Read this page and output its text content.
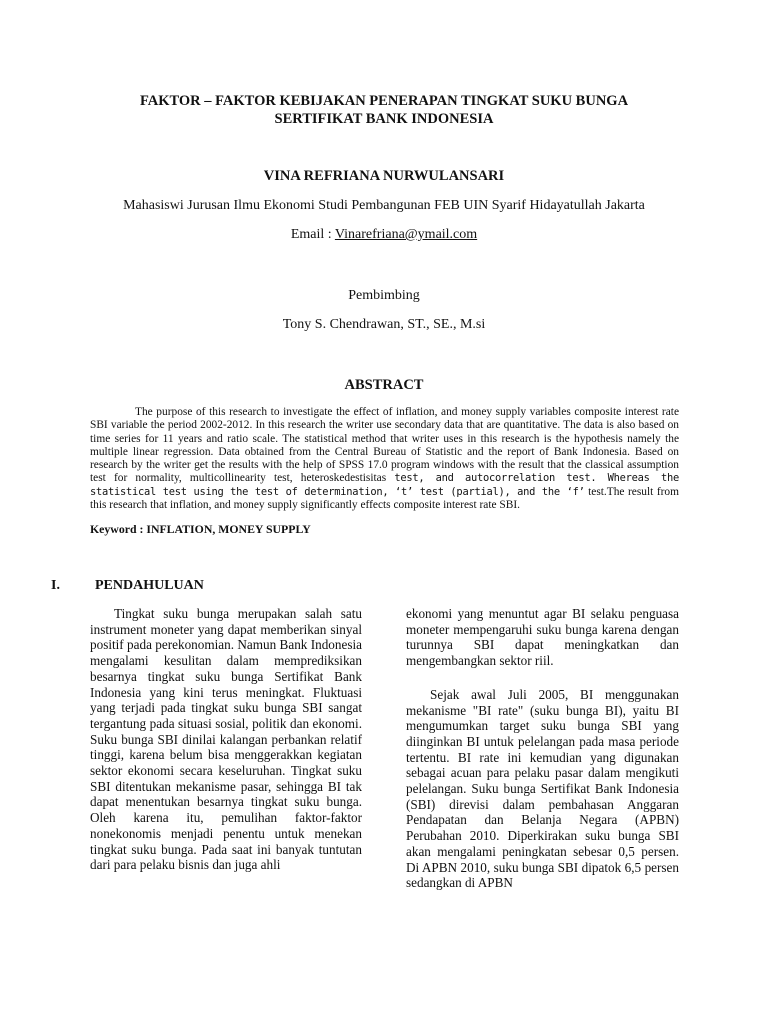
FAKTOR – FAKTOR KEBIJAKAN PENERAPAN TINGKAT SUKU BUNGA
SERTIFIKAT BANK INDONESIA
VINA REFRIANA NURWULANSARI
Mahasiswi Jurusan Ilmu Ekonomi Studi Pembangunan FEB UIN Syarif Hidayatullah Jakarta
Email : Vinarefriana@ymail.com
Pembimbing
Tony S. Chendrawan, ST., SE., M.si
ABSTRACT

The purpose of this research to investigate the effect of inflation, and money supply variables composite interest rate SBI variable the period 2002-2012. In this research the writer use secondary data that are quantitative. The data is also based on time series for 11 years and ratio scale. The statistical method that writer uses in this research is the hypothesis namely the multiple linear regression. Data obtained from the Central Bureau of Statistic and the report of Bank Indonesia. Based on research by the writer get the results with the help of SPSS 17.0 program windows with the result that the classical assumption test for normality, multicollinearity test, heteroskedestisitas test, and autocorrelation test. Whereas the statistical test using the test of determination, ‘t’ test (partial), and the ‘f’ test.The result from this research that inflation, and money supply significantly effects composite interest rate SBI.

Keyword : INFLATION, MONEY SUPPLY
I.	PENDAHULUAN

Tingkat suku bunga merupakan salah satu instrument moneter yang dapat memberikan sinyal positif pada perekonomian. Namun Bank Indonesia mengalami kesulitan dalam memprediksikan besarnya tingkat suku bunga Sertifikat Bank Indonesia yang kini terus meningkat. Fluktuasi yang terjadi pada tingkat suku bunga SBI sangat tergantung pada situasi sosial, politik dan ekonomi. Suku bunga SBI dinilai kalangan perbankan relatif tinggi, karena belum bisa menggerakkan kegiatan sektor ekonomi secara keseluruhan. Tingkat suku SBI ditentukan mekanisme pasar, sehingga BI tak dapat menentukan besarnya tingkat suku bunga. Oleh karena itu, pemulihan faktor-faktor nonekonomis menjadi penentu untuk menekan tingkat suku bunga. Pada saat ini banyak tuntutan dari para pelaku bisnis dan juga ahli

ekonomi yang menuntut agar BI selaku penguasa moneter mempengaruhi suku bunga karena dengan turunnya SBI dapat meningkatkan dan mengembangkan sektor riil.

Sejak awal Juli 2005, BI menggunakan mekanisme "BI rate" (suku bunga BI), yaitu BI mengumumkan target suku bunga SBI yang diinginkan BI untuk pelelangan pada masa periode tertentu. BI rate ini kemudian yang digunakan sebagai acuan para pelaku pasar dalam mengikuti pelelangan. Suku bunga Sertifikat Bank Indonesia (SBI) direvisi dalam pembahasan Anggaran Pendapatan dan Belanja Negara (APBN) Perubahan 2010. Diperkirakan suku bunga SBI akan mengalami peningkatan sebesar 0,5 persen. Di APBN 2010, suku bunga SBI dipatok 6,5 persen sedangkan di APBN
